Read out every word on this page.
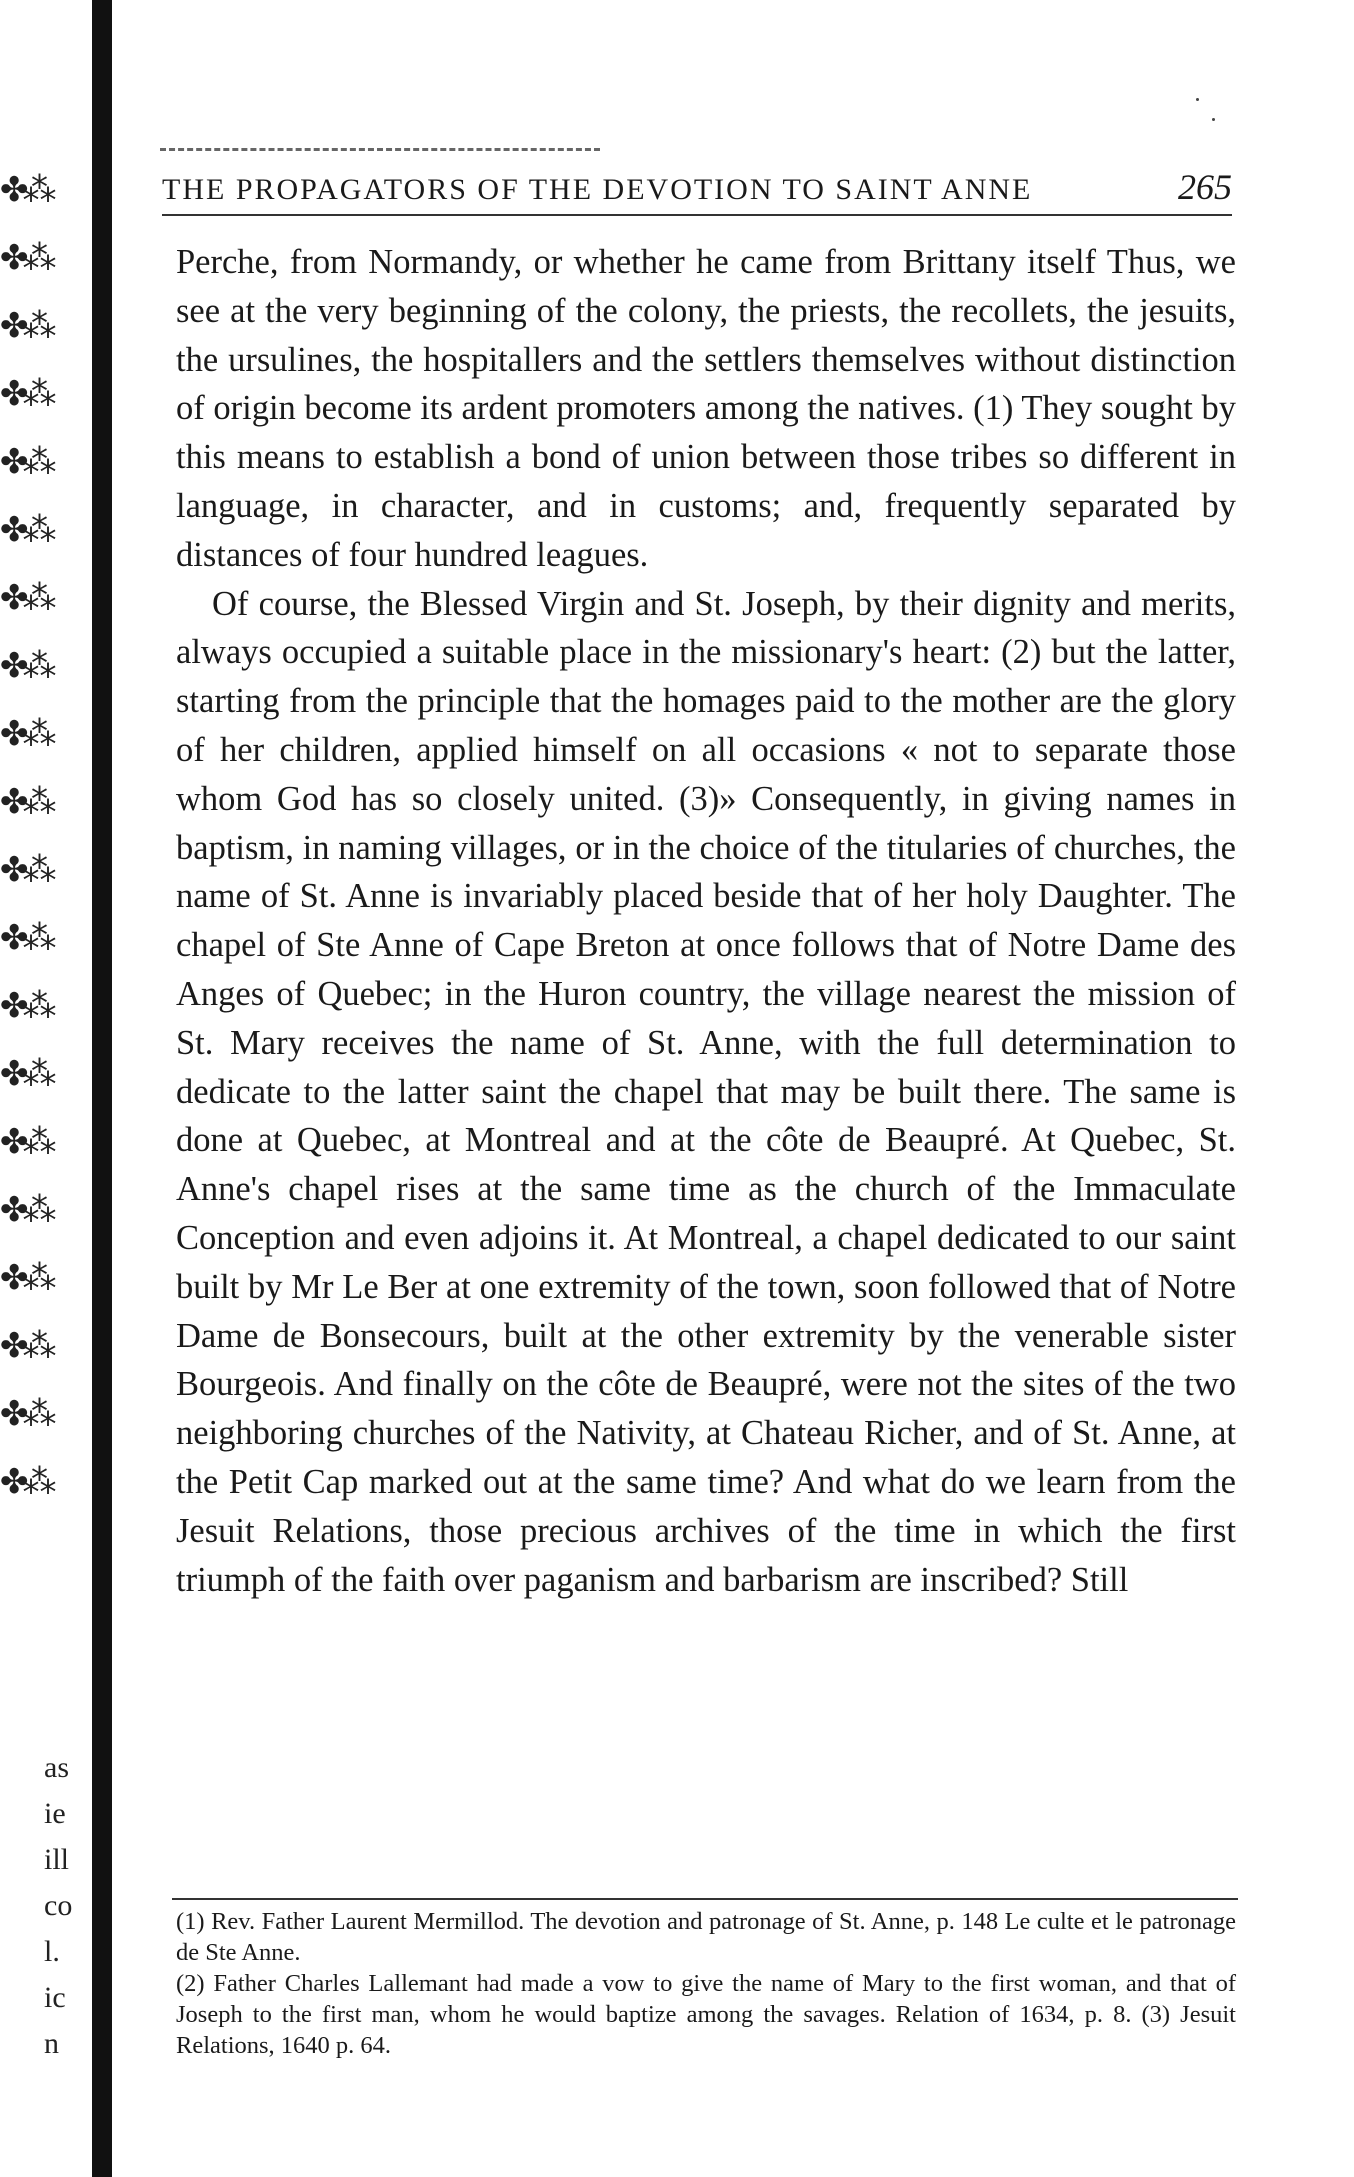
✤⁂
✤⁂
✤⁂
✤⁂
✤⁂
✤⁂
✤⁂
✤⁂
✤⁂
✤⁂
✤⁂
✤⁂
✤⁂
✤⁂
✤⁂
✤⁂
✤⁂
✤⁂
✤⁂
✤⁂
as
ie
ill
co
l.
ic
n
THE PROPAGATORS OF THE DEVOTION TO SAINT ANNE	265

Perche, from Normandy, or whether he came from Brittany itself Thus, we see at the very beginning of the colony, the priests, the recollets, the jesuits, the ursulines, the hospitallers and the settlers themselves without distinction of origin become its ardent promoters among the natives. (1) They sought by this means to establish a bond of union between those tribes so different in language, in character, and in customs; and, frequently separated by distances of four hundred leagues.

Of course, the Blessed Virgin and St. Joseph, by their dignity and merits, always occupied a suitable place in the missionary's heart: (2) but the latter, starting from the principle that the homages paid to the mother are the glory of her children, applied himself on all occasions « not to separate those whom God has so closely united. (3)» Consequently, in giving names in baptism, in naming villages, or in the choice of the titularies of churches, the name of St. Anne is invariably placed beside that of her holy Daughter. The chapel of Ste Anne of Cape Breton at once follows that of Notre Dame des Anges of Quebec; in the Huron country, the village nearest the mission of St. Mary receives the name of St. Anne, with the full determination to dedicate to the latter saint the chapel that may be built there. The same is done at Quebec, at Montreal and at the côte de Beaupré. At Quebec, St. Anne's chapel rises at the same time as the church of the Immaculate Conception and even adjoins it. At Montreal, a chapel dedicated to our saint built by Mr Le Ber at one extremity of the town, soon followed that of Notre Dame de Bonsecours, built at the other extremity by the venerable sister Bourgeois. And finally on the côte de Beaupré, were not the sites of the two neighboring churches of the Nativity, at Chateau Richer, and of St. Anne, at the Petit Cap marked out at the same time? And what do we learn from the Jesuit Relations, those precious archives of the time in which the first triumph of the faith over paganism and barbarism are inscribed? Still

(1) Rev. Father Laurent Mermillod. The devotion and patronage of St. Anne, p. 148 Le culte et le patronage de Ste Anne.

(2) Father Charles Lallemant had made a vow to give the name of Mary to the first woman, and that of Joseph to the first man, whom he would baptize among the savages. Relation of 1634, p. 8. (3) Jesuit Relations, 1640 p. 64.
